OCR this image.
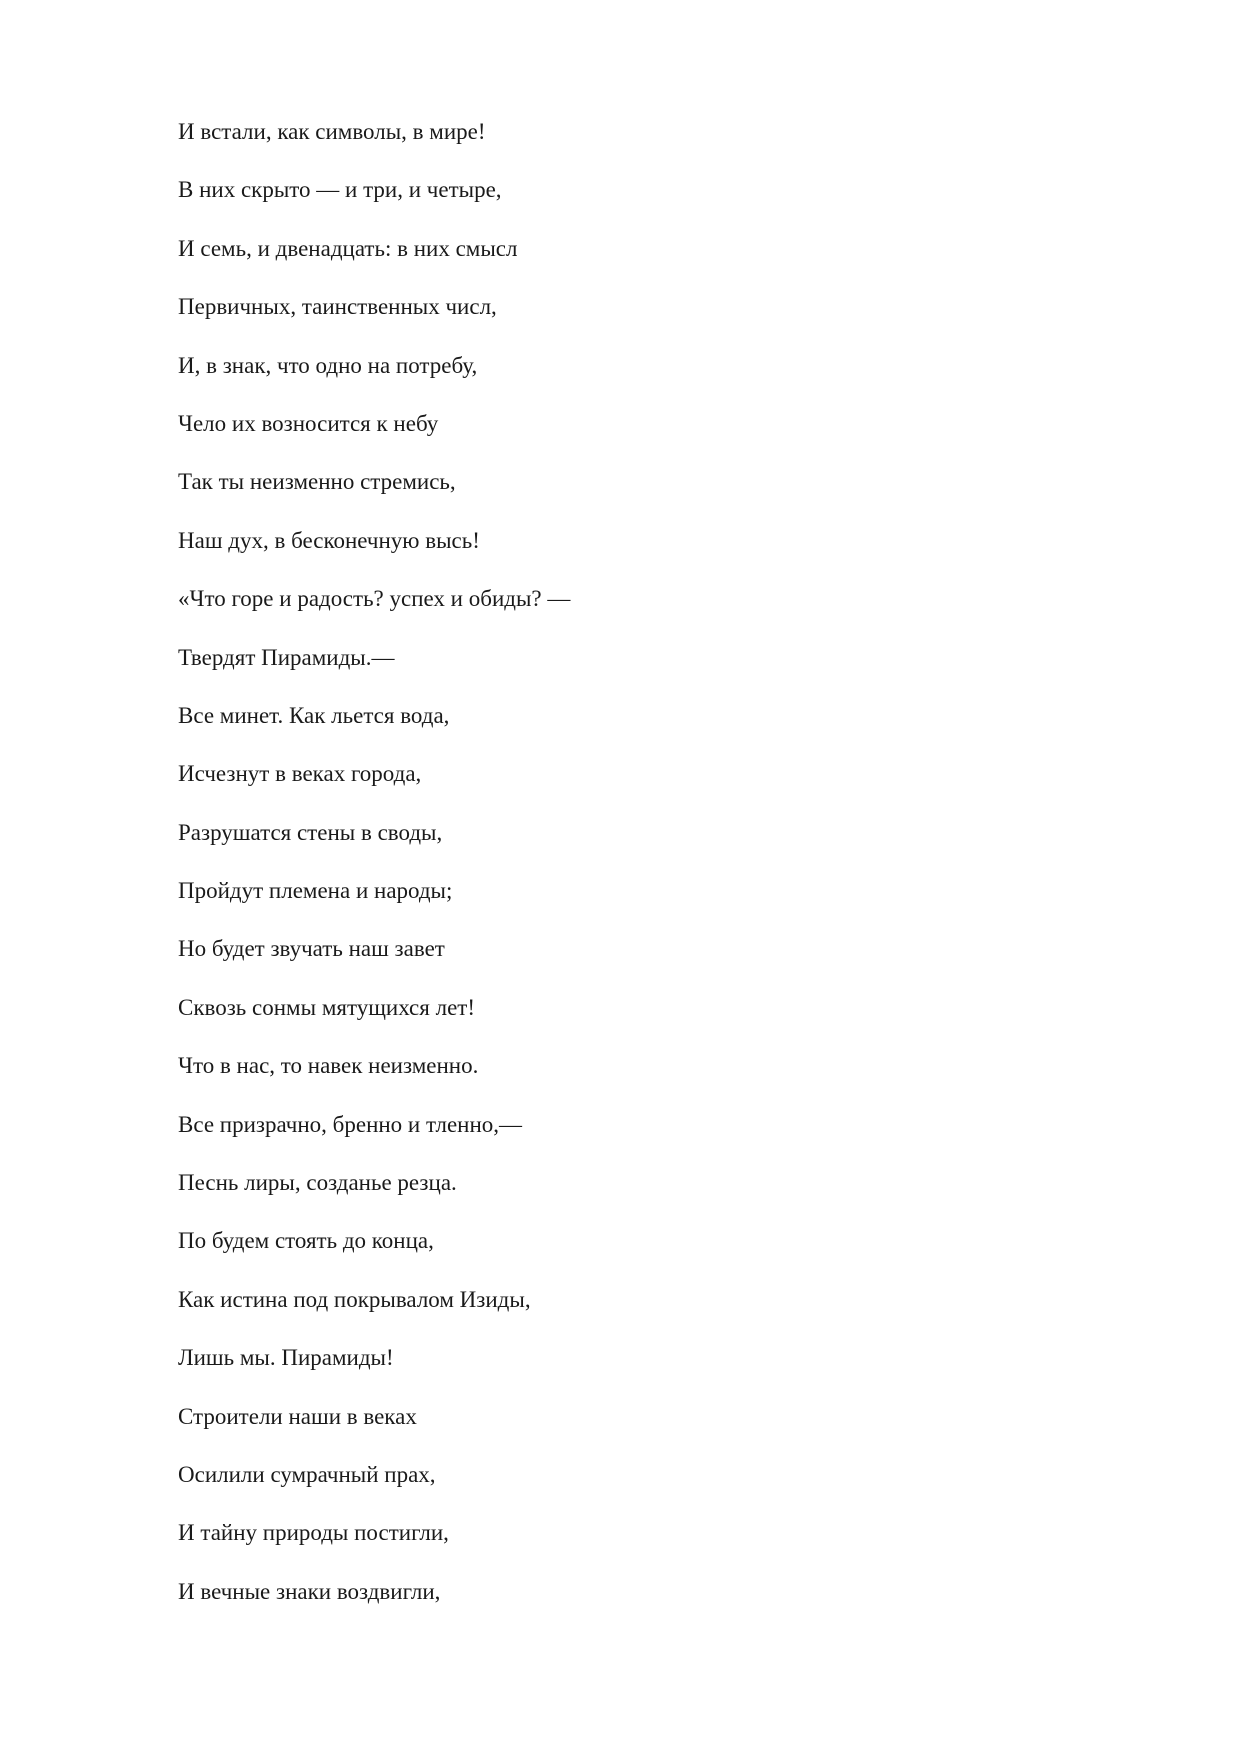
И встали, как символы, в мире!
В них скрыто — и три, и четыре,
И семь, и двенадцать: в них смысл
Первичных, таинственных числ,
И, в знак, что одно на потребу,
Чело их возносится к небу
Так ты неизменно стремись,
Наш дух, в бесконечную высь!
«Что горе и радость? успех и обиды? —
Твердят Пирамиды.—
Все минет. Как льется вода,
Исчезнут в веках города,
Разрушатся стены в своды,
Пройдут племена и народы;
Но будет звучать наш завет
Сквозь сонмы мятущихся лет!
Что в нас, то навек неизменно.
Все призрачно, бренно и тленно,—
Песнь лиры, созданье резца.
По будем стоять до конца,
Как истина под покрывалом Изиды,
Лишь мы. Пирамиды!
Строители наши в веках
Осилили сумрачный прах,
И тайну природы постигли,
И вечные знаки воздвигли,
